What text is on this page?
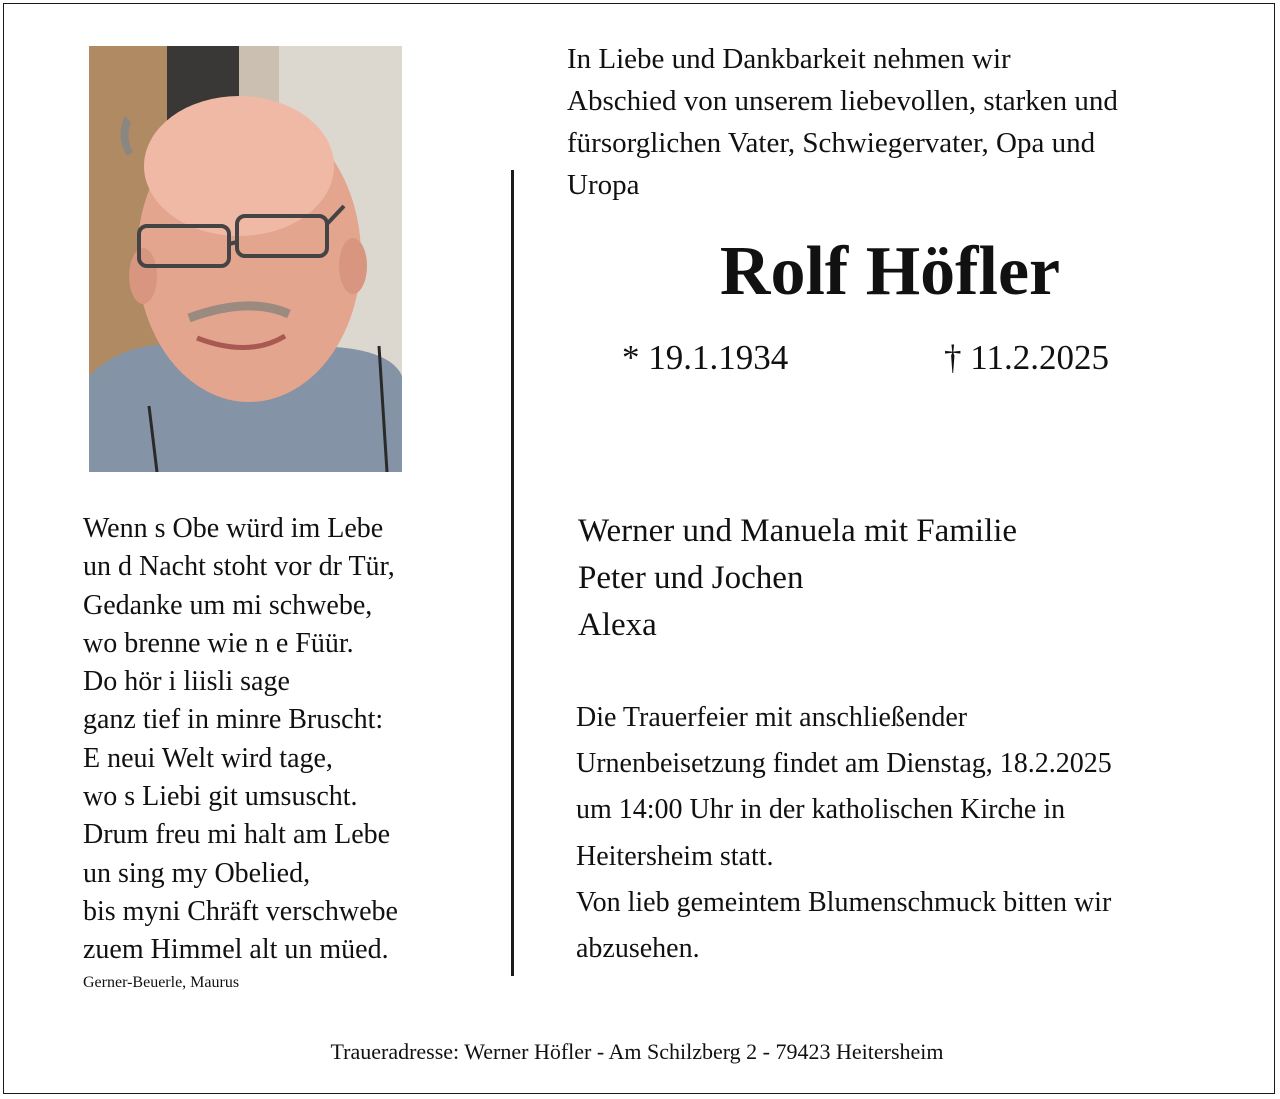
In Liebe und Dankbarkeit nehmen wir
Abschied von unserem liebevollen, starken und
fürsorglichen Vater, Schwiegervater, Opa und
Uropa
Rolf Höfler
* 19.1.1934	† 11.2.2025
Wenn s Obe würd im Lebe
un d Nacht stoht vor dr Tür,
Gedanke um mi schwebe,
wo brenne wie n e Füür.
Do hör i liisli sage
ganz tief in minre Bruscht:
E neui Welt wird tage,
wo s Liebi git umsuscht.
Drum freu mi halt am Lebe
un sing my Obelied,
bis myni Chräft verschwebe
zuem Himmel alt un müed.
Gerner-Beuerle, Maurus
Werner und Manuela mit Familie
Peter und Jochen
Alexa
Die Trauerfeier mit anschließender
Urnenbeisetzung findet am Dienstag, 18.2.2025
um 14:00 Uhr in der katholischen Kirche in
Heitersheim statt.
Von lieb gemeintem Blumenschmuck bitten wir
abzusehen.
Traueradresse: Werner Höfler - Am Schilzberg 2 - 79423 Heitersheim
